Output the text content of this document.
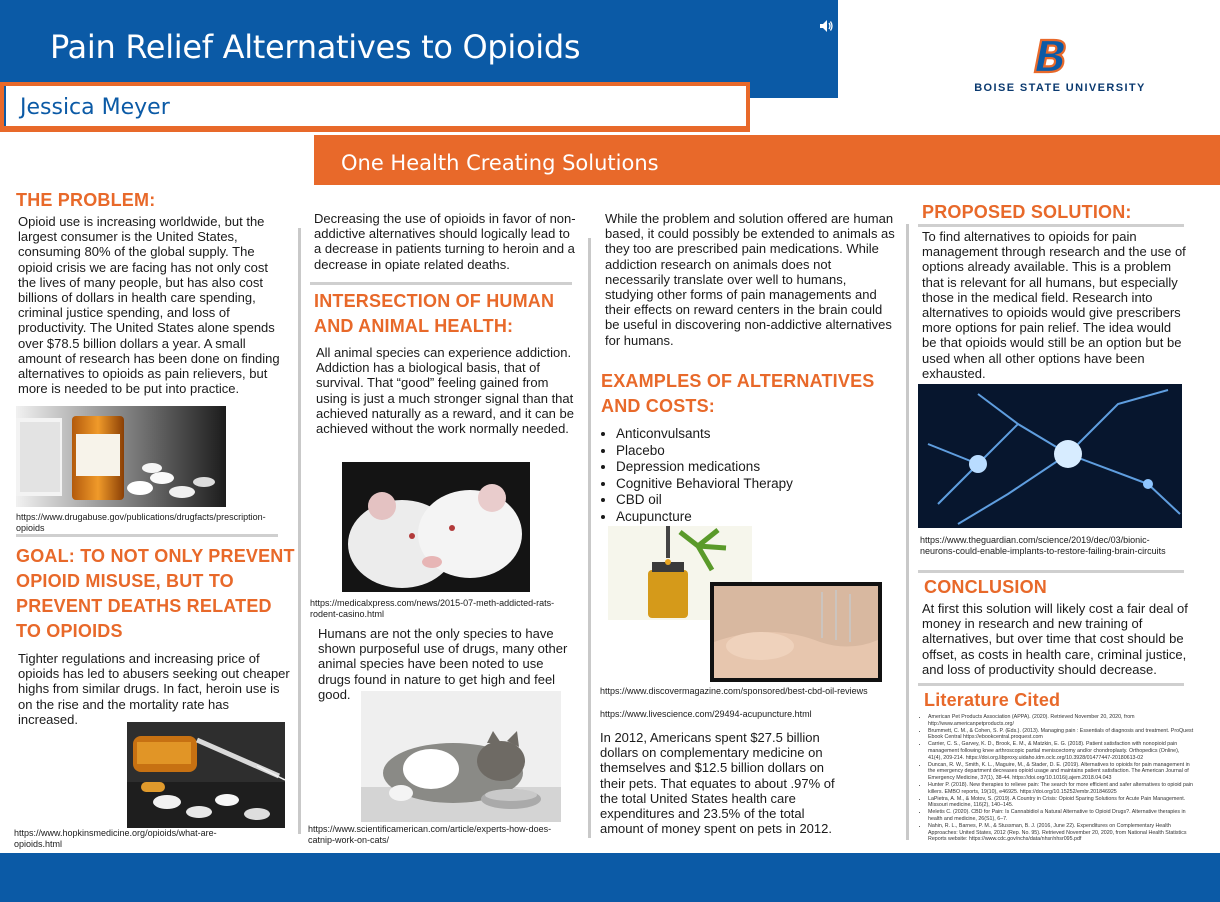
Pain Relief Alternatives to Opioids
Jessica Meyer
B
BOISE STATE UNIVERSITY
One Health Creating Solutions
THE PROBLEM:
Opioid use is increasing worldwide, but the largest consumer is the United States, consuming 80% of the global supply. The opioid crisis we are facing has not only cost the lives of many people, but has also cost billions of dollars in health care spending, criminal justice spending, and loss of productivity. The United States alone spends over $78.5 billion dollars a year. A small amount of research has been done on finding alternatives to opioids as pain relievers, but more is needed to be put into practice.
https://www.drugabuse.gov/publications/drugfacts/prescription-opioids
GOAL: TO NOT ONLY PREVENT OPIOID MISUSE, BUT TO PREVENT DEATHS RELATED TO OPIOIDS
Tighter regulations and increasing price of opioids has led to abusers seeking out cheaper highs from similar drugs. In fact, heroin use is on the rise and the mortality rate has increased.
https://www.hopkinsmedicine.org/opioids/what-are-opioids.html
Decreasing the use of opioids in favor of non-addictive alternatives should logically lead to a decrease in patients turning to heroin and a decrease in opiate related deaths.
INTERSECTION OF HUMAN AND ANIMAL HEALTH:
All animal species can experience addiction. Addiction has a biological basis, that of survival. That “good” feeling gained from using is just a much stronger signal than that achieved naturally as a reward, and it can be achieved without the work normally needed.
https://medicalxpress.com/news/2015-07-meth-addicted-rats-rodent-casino.html
Humans are not the only species to have shown purposeful use of drugs, many other animal species have been noted to use drugs found in nature to get high and feel good.
https://www.scientificamerican.com/article/experts-how-does-catnip-work-on-cats/
While the problem and solution offered are human based, it could possibly be extended to animals as they too are prescribed pain medications. While addiction research on animals does not necessarily translate over well to humans, studying other forms of pain managements and their effects on reward centers in the brain could be useful in discovering non-addictive alternatives for humans.
EXAMPLES OF ALTERNATIVES AND COSTS:
• Anticonvulsants
• Placebo
• Depression medications
• Cognitive Behavioral Therapy
• CBD oil
• Acupuncture
https://www.discovermagazine.com/sponsored/best-cbd-oil-reviews
https://www.livescience.com/29494-acupuncture.html
In 2012, Americans spent $27.5 billion dollars on complementary medicine on themselves and $12.5 billion dollars on their pets. That equates to about .97% of the total United States health care expenditures and 23.5% of the total amount of money spent on pets in 2012.
PROPOSED SOLUTION:
To find alternatives to opioids for pain management through research and the use of options already available. This is a problem that is relevant for all humans, but especially those in the medical field. Research into alternatives to opioids would give prescribers more options for pain relief. The idea would be that opioids would still be an option but be used when all other options have been exhausted.
https://www.theguardian.com/science/2019/dec/03/bionic-neurons-could-enable-implants-to-restore-failing-brain-circuits
CONCLUSION
At first this solution will likely cost a fair deal of money in research and new training of alternatives, but over time that cost should be offset, as costs in health care, criminal justice, and loss of productivity should decrease.
Literature Cited
• American Pet Products Association (APPA). (2020). Retrieved November 20, 2020, from http://www.americanpetproducts.org/
• Brummett, C. M., & Cohen, S. P. (Eds.). (2013). Managing pain : Essentials of diagnosis and treatment. ProQuest Ebook Central https://ebookcentral.proquest.com
• Carrier, C. S., Garvey, K. D., Brook, E. M., & Matzkin, E. G. (2018). Patient satisfaction with nonopioid pain management following knee arthroscopic partial meniscectomy and/or chondroplasty. Orthopedics (Online), 41(4), 209-214. https://doi.org.libproxy.uidaho.idm.oclc.org/10.3928/01477447-20180613-02
• Duncan, R. W., Smith, K. L., Maguire, M., & Stader, D. E. (2019). Alternatives to opioids for pain management in the emergency department decreases opioid usage and maintains patient satisfaction. The American Journal of Emergency Medicine, 37(1), 38-44. https://doi.org/10.1016/j.ajem.2018.04.043
• Hunter P. (2018). New therapies to relieve pain: The search for more efficient and safer alternatives to opioid pain killers. EMBO reports, 19(10), e46925. https://doi.org/10.15252/embr.201846925
• LaPietra, A. M., & Motov, S. (2019). A Country in Crisis: Opioid Sparing Solutions for Acute Pain Management. Missouri medicine, 116(2), 140–145.
• Meletis C. (2020). CBD for Pain: Is Cannabidiol a Natural Alternative to Opioid Drugs?. Alternative therapies in health and medicine, 26(S1), 6–7.
• Nahin, R. L., Barnes, P. M., & Stussman, B. J. (2016, June 22). Expenditures on Complementary Health Approaches: United States, 2012 (Rep. No. 95). Retrieved November 20, 2020, from National Health Statistics Reports website: https://www.cdc.gov/nchs/data/nhsr/nhsr095.pdf
